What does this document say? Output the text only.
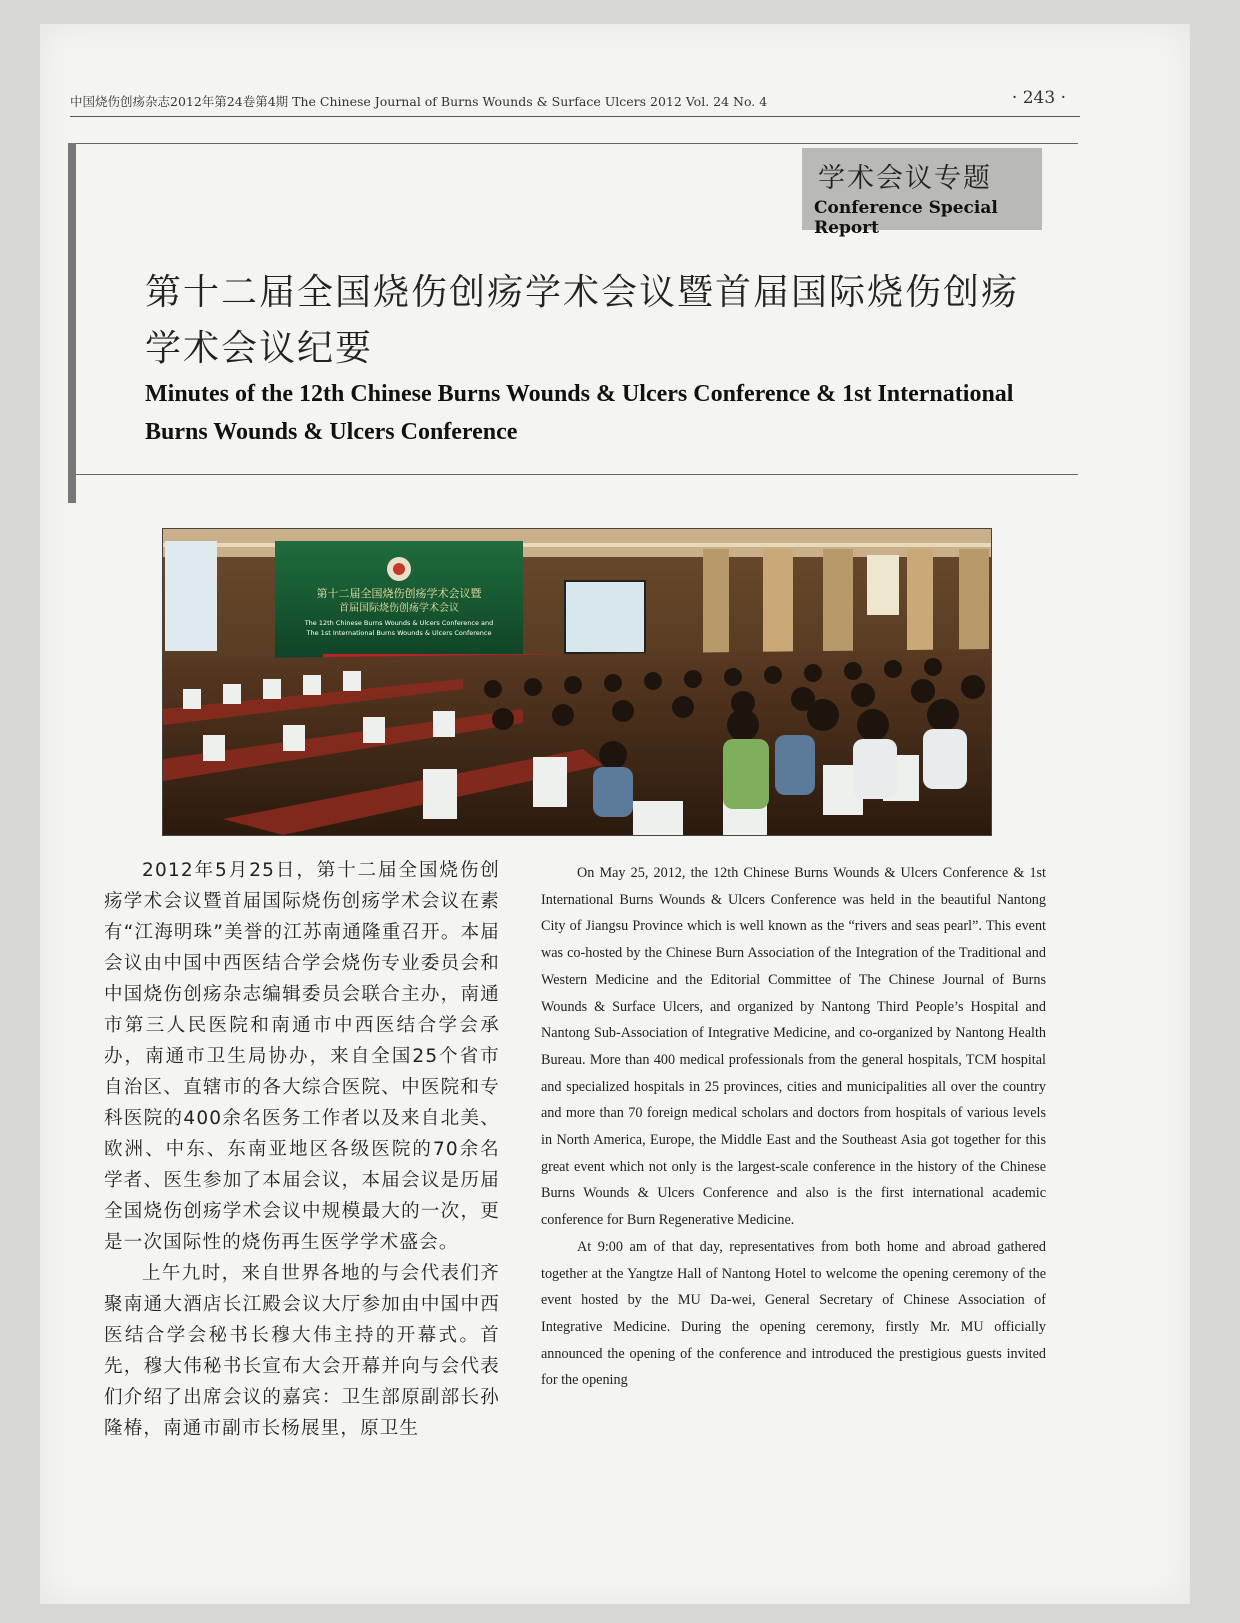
中国烧伤创疡杂志2012年第24卷第4期 The Chinese Journal of Burns Wounds & Surface Ulcers 2012 Vol. 24 No. 4	· 243 ·
学术会议专题
Conference Special Report
第十二届全国烧伤创疡学术会议暨首届国际烧伤创疡学术会议纪要
Minutes of the 12th Chinese Burns Wounds & Ulcers Conference & 1st International Burns Wounds & Ulcers Conference
第十二届全国烧伤创疡学术会议暨
首届国际烧伤创疡学术会议
The 12th Chinese Burns Wounds & Ulcers Conference and
The 1st International Burns Wounds & Ulcers Conference

2012年5月25日，第十二届全国烧伤创疡学术会议暨首届国际烧伤创疡学术会议在素有“江海明珠”美誉的江苏南通隆重召开。本届会议由中国中西医结合学会烧伤专业委员会和中国烧伤创疡杂志编辑委员会联合主办，南通市第三人民医院和南通市中西医结合学会承办，南通市卫生局协办，来自全国25个省市自治区、直辖市的各大综合医院、中医院和专科医院的400余名医务工作者以及来自北美、欧洲、中东、东南亚地区各级医院的70余名学者、医生参加了本届会议，本届会议是历届全国烧伤创疡学术会议中规模最大的一次，更是一次国际性的烧伤再生医学学术盛会。

上午九时，来自世界各地的与会代表们齐聚南通大酒店长江殿会议大厅参加由中国中西医结合学会秘书长穆大伟主持的开幕式。首先，穆大伟秘书长宣布大会开幕并向与会代表们介绍了出席会议的嘉宾：卫生部原副部长孙隆椿，南通市副市长杨展里，原卫生

On May 25, 2012, the 12th Chinese Burns Wounds & Ulcers Conference & 1st International Burns Wounds & Ulcers Conference was held in the beautiful Nantong City of Jiangsu Province which is well known as the “rivers and seas pearl”. This event was co-hosted by the Chinese Burn Association of the Integration of the Traditional and Western Medicine and the Editorial Committee of The Chinese Journal of Burns Wounds & Surface Ulcers, and organized by Nantong Third People’s Hospital and Nantong Sub-Association of Integrative Medicine, and co-organized by Nantong Health Bureau. More than 400 medical professionals from the general hospitals, TCM hospital and specialized hospitals in 25 provinces, cities and municipalities all over the country and more than 70 foreign medical scholars and doctors from hospitals of various levels in North America, Europe, the Middle East and the Southeast Asia got together for this great event which not only is the largest-scale conference in the history of the Chinese Burns Wounds & Ulcers Conference and also is the first international academic conference for Burn Regenerative Medicine.

At 9:00 am of that day, representatives from both home and abroad gathered together at the Yangtze Hall of Nantong Hotel to welcome the opening ceremony of the event hosted by the MU Da-wei, General Secretary of Chinese Association of Integrative Medicine. During the opening ceremony, firstly Mr. MU officially announced the opening of the conference and introduced the prestigious guests invited for the opening
